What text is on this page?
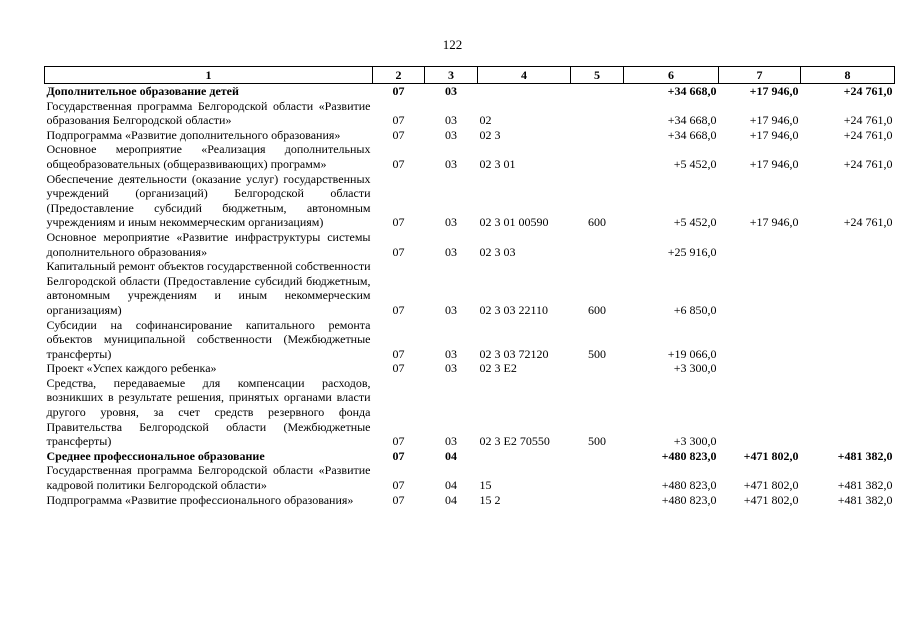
122
1	2	3	4	5	6	7	8
Дополнительное образование детей	07	03			+34 668,0	+17 946,0	+24 761,0
Государственная программа Белгородской области «Развитие образования Белгородской области»	07	03	02		+34 668,0	+17 946,0	+24 761,0
Подпрограмма «Развитие дополнительного образования»	07	03	02 3		+34 668,0	+17 946,0	+24 761,0
Основное мероприятие «Реализация дополнительных общеобразовательных (общеразвивающих) программ»	07	03	02 3 01		+5 452,0	+17 946,0	+24 761,0
Обеспечение деятельности (оказание услуг) государственных учреждений (организаций) Белгородской области (Предоставление субсидий бюджетным, автономным учреждениям и иным некоммерческим организациям)	07	03	02 3 01 00590	600	+5 452,0	+17 946,0	+24 761,0
Основное мероприятие «Развитие инфраструктуры системы дополнительного образования»	07	03	02 3 03		+25 916,0		
Капитальный ремонт объектов государственной собственности Белгородской области (Предоставление субсидий бюджетным, автономным учреждениям и иным некоммерческим организациям)	07	03	02 3 03 22110	600	+6 850,0		
Субсидии на софинансирование капитального ремонта объектов муниципальной собственности (Межбюджетные трансферты)	07	03	02 3 03 72120	500	+19 066,0		
Проект «Успех каждого ребенка»	07	03	02 3 E2		+3 300,0		
Средства, передаваемые для компенсации расходов, возникших в результате решения, принятых органами власти другого уровня, за счет средств резервного фонда Правительства Белгородской области (Межбюджетные трансферты)	07	03	02 3 E2 70550	500	+3 300,0		
Среднее профессиональное образование	07	04			+480 823,0	+471 802,0	+481 382,0
Государственная программа Белгородской области «Развитие кадровой политики Белгородской области»	07	04	15		+480 823,0	+471 802,0	+481 382,0
Подпрограмма «Развитие профессионального образования»	07	04	15 2		+480 823,0	+471 802,0	+481 382,0
